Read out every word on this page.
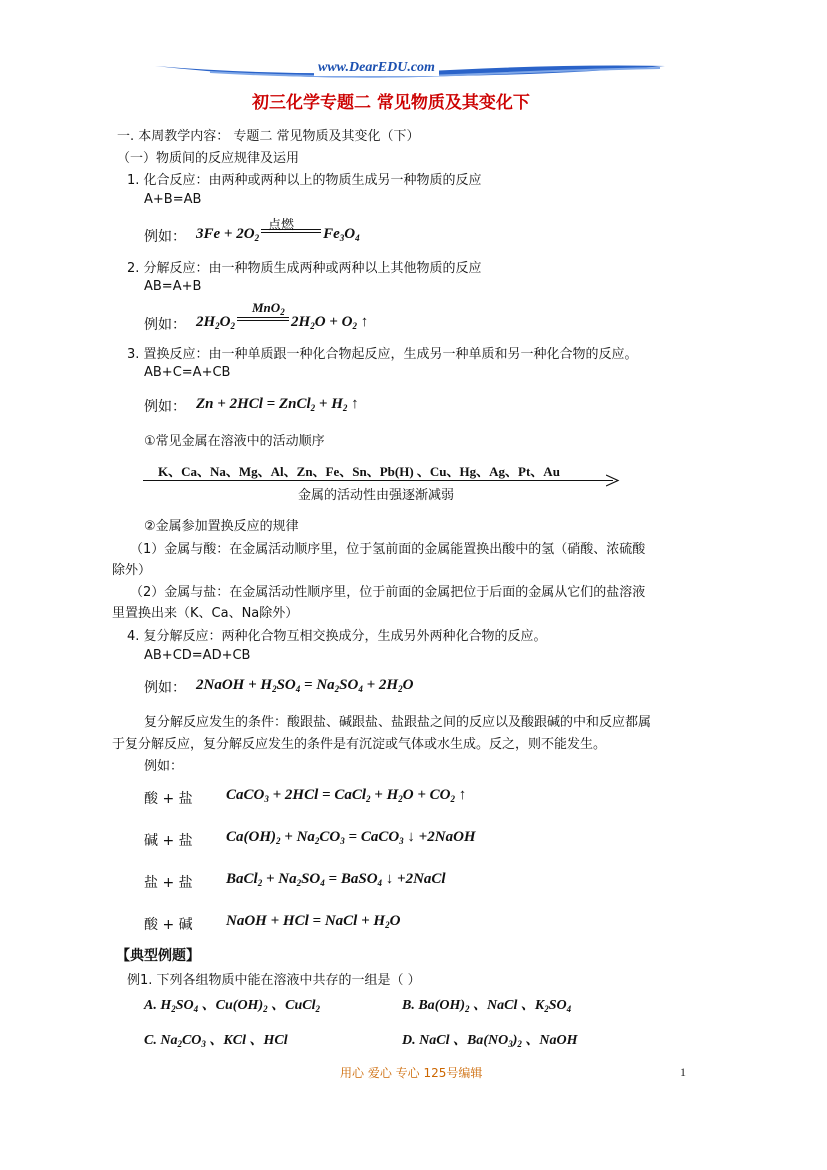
www.DearEDU.com
初三化学专题二 常见物质及其变化下
一. 本周教学内容： 专题二 常见物质及其变化（下）
（一）物质间的反应规律及运用
1. 化合反应：由两种或两种以上的物质生成另一种物质的反应
A+B=AB
例如：
点燃
$3Fe + 2O_2$	$Fe_3O_4$
2. 分解反应：由一种物质生成两种或两种以上其他物质的反应
AB=A+B
例如：
MnO$_2$
$2H_2O_2$	$2H_2O + O_2$ ↑
3. 置换反应：由一种单质跟一种化合物起反应，生成另一种单质和另一种化合物的反应。
AB+C=A+CB
例如： Zn + 2HCl = ZnCl$_2$ + $H_2$ ↑
①常见金属在溶液中的活动顺序
K、Ca、Na、Mg、Al、Zn、Fe、Sn、Pb(H) 、Cu、Hg、Ag、Pt、Au
金属的活动性由强逐渐减弱
②金属参加置换反应的规律
（1）金属与酸：在金属活动顺序里，位于氢前面的金属能置换出酸中的氢（硝酸、浓硫酸
除外）
（2）金属与盐：在金属活动性顺序里，位于前面的金属把位于后面的金属从它们的盐溶液
里置换出来（K、Ca、Na除外）
4. 复分解反应：两种化合物互相交换成分，生成另外两种化合物的反应。
AB+CD=AD+CB
例如： 2NaOH + $H_2SO_4 = Na_2SO_4 + 2H_2O$
复分解反应发生的条件：酸跟盐、碱跟盐、盐跟盐之间的反应以及酸跟碱的中和反应都属
于复分解反应，复分解反应发生的条件是有沉淀或气体或水生成。反之，则不能发生。
例如：
酸 + 盐 CaCO$_3$ + 2HCl = CaCl$_2$ + $H_2O + CO_2$ ↑
碱 + 盐 $Ca(OH)_2 + Na_2CO_3$ = CaCO$_3$ ↓ +2NaOH
盐 + 盐 BaCl$_2$ + $Na_2SO_4$ = BaSO$_4$ ↓ +2NaCl
酸 + 碱 NaOH + HCl = NaCl + $H_2O$
【典型例题】
例1. 下列各组物质中能在溶液中共存的一组是（ ）
A. $H_2SO_4$ 、$Cu(OH)_2$ 、CuCl$_2$	B. $Ba(OH)_2$ 、NaCl 、$K_2SO_4$
C. $Na_2CO_3$ 、KCl 、HCl	D. NaCl 、$Ba(NO_3)_2$ 、NaOH
用心 爱心 专心 125号编辑	1
